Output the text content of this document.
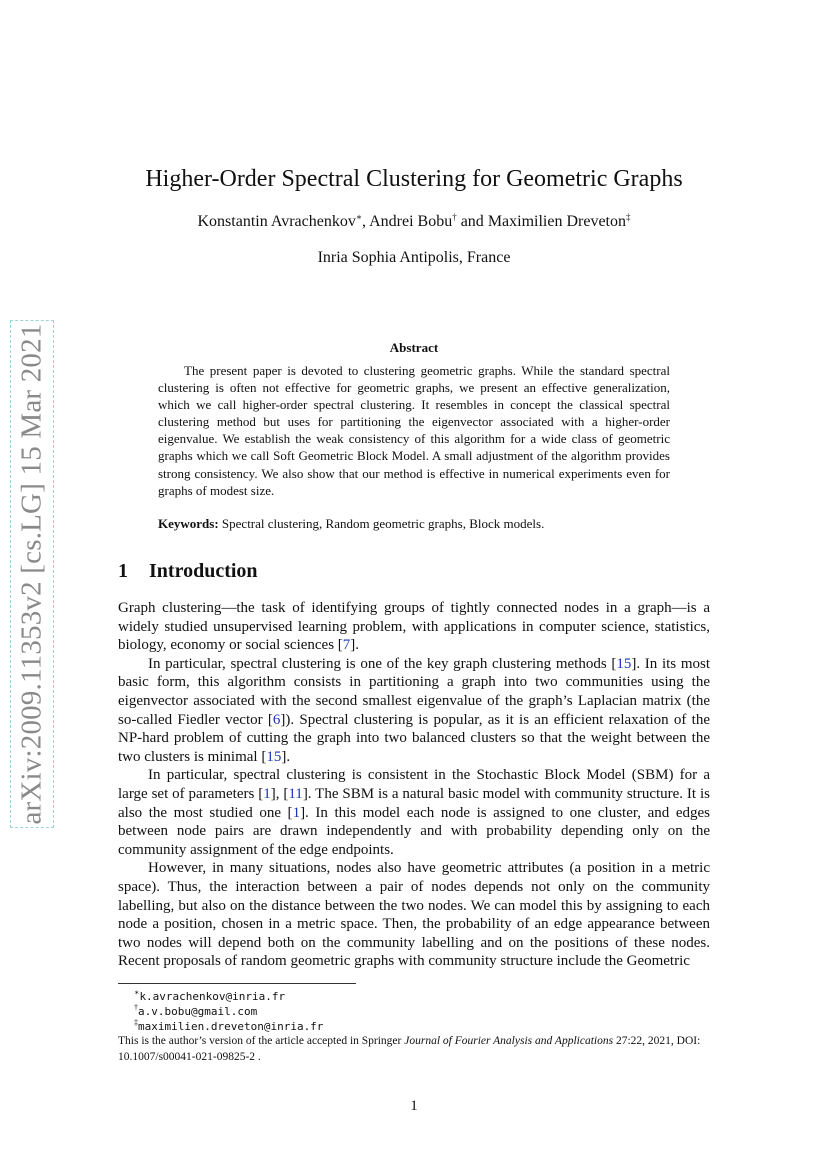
arXiv:2009.11353v2 [cs.LG] 15 Mar 2021
Higher-Order Spectral Clustering for Geometric Graphs
Konstantin Avrachenkov∗, Andrei Bobu† and Maximilien Dreveton‡
Inria Sophia Antipolis, France
Abstract
The present paper is devoted to clustering geometric graphs. While the standard spectral clustering is often not effective for geometric graphs, we present an effective generalization, which we call higher-order spectral clustering. It resembles in concept the classical spectral clustering method but uses for partitioning the eigenvector associated with a higher-order eigenvalue. We establish the weak consistency of this algorithm for a wide class of geometric graphs which we call Soft Geometric Block Model. A small adjustment of the algorithm provides strong consistency. We also show that our method is effective in numerical experiments even for graphs of modest size.
Keywords: Spectral clustering, Random geometric graphs, Block models.
1 Introduction

Graph clustering—the task of identifying groups of tightly connected nodes in a graph—is a widely studied unsupervised learning problem, with applications in computer science, statistics, biology, economy or social sciences [7].

In particular, spectral clustering is one of the key graph clustering methods [15]. In its most basic form, this algorithm consists in partitioning a graph into two communities using the eigenvector associated with the second smallest eigenvalue of the graph’s Laplacian matrix (the so-called Fiedler vector [6]). Spectral clustering is popular, as it is an efficient relaxation of the NP-hard problem of cutting the graph into two balanced clusters so that the weight between the two clusters is minimal [15].

In particular, spectral clustering is consistent in the Stochastic Block Model (SBM) for a large set of parameters [1], [11]. The SBM is a natural basic model with community structure. It is also the most studied one [1]. In this model each node is assigned to one cluster, and edges between node pairs are drawn independently and with probability depending only on the community assignment of the edge endpoints.

However, in many situations, nodes also have geometric attributes (a position in a metric space). Thus, the interaction between a pair of nodes depends not only on the community labelling, but also on the distance between the two nodes. We can model this by assigning to each node a position, chosen in a metric space. Then, the probability of an edge appearance between two nodes will depend both on the community labelling and on the positions of these nodes. Recent proposals of random geometric graphs with community structure include the Geometric

∗k.avrachenkov@inria.fr
†a.v.bobu@gmail.com
‡maximilien.dreveton@inria.fr
This is the author’s version of the article accepted in Springer Journal of Fourier Analysis and Applications 27:22, 2021, DOI: 10.1007/s00041-021-09825-2 .
1
